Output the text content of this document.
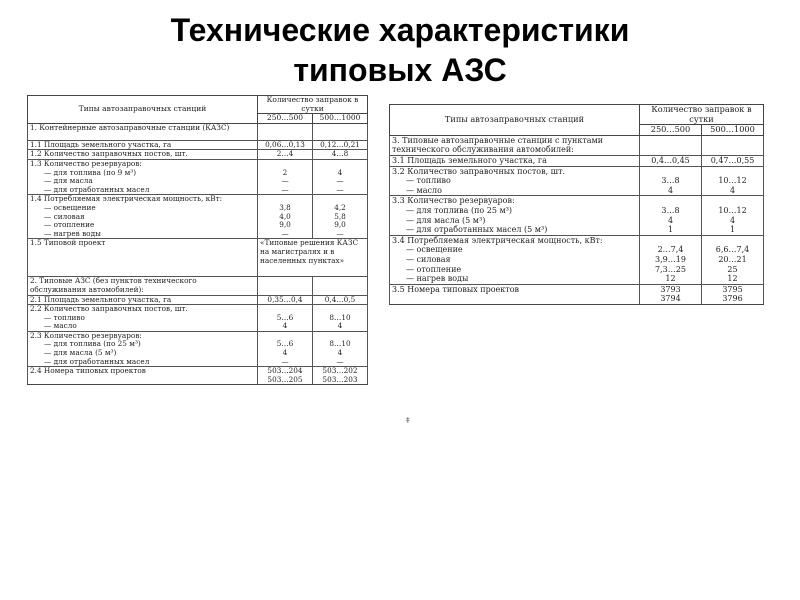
Технические характеристики
типовых АЗС
Типы автозаправочных станций	Количество заправок в сутки	
	250…500	500…1000
1. Контейнерные автозаправочные станции (КАЗС)		
1.1 Площадь земельного участка, га	0,06…0,13	0,12…0,21
1.2 Количество заправочных постов, шт.	2…4	4…8
1.3 Количество резервуаров:		
— для топлива (по 9 м³)	2	4
— для масла	—	—
— для отработанных масел	—	—
1.4 Потребляемая электрическая мощность, кВт:		
— освещение	3,8	4,2
— силовая	4,0	5,8
— отопление	9,0	9,0
— нагрев воды	—	—
1.5 Типовой проект	«Типовые решения КАЗС на магистралях и в населенных пунктах»	
2. Типовые АЗС (без пунктов технического обслуживания автомобилей):		
2.1 Площадь земельного участка, га	0,35…0,4	0,4…0,5
2.2 Количество заправочных постов, шт.		
— топливо	5…6	8…10
— масло	4	4
2.3 Количество резервуаров:		
— для топлива (по 25 м³)	5…6	8…10
— для масла (5 м³)	4	4
— для отработанных масел	—	—
2.4 Номера типовых проектов	503…204	503…202
	503…205	503…203
Типы автозаправочных станций	Количество заправок в сутки	
	250…500	500…1000
3. Типовые автозаправочные станции с пунктами технического обслуживания автомобилей:		
3.1 Площадь земельного участка, га	0,4…0,45	0,47…0,55
3.2 Количество заправочных постов, шт.		
— топливо	3…8	10…12
— масло	4	4
3.3 Количество резервуаров:		
— для топлива (по 25 м³)	3…8	10…12
— для масла (5 м³)	4	4
— для отработанных масел (5 м³)	1	1
3.4 Потребляемая электрическая мощность, кВт:		
— освещение	2…7,4	6,6…7,4
— силовая	3,9…19	20…21
— отопление	7,3…25	25
— нагрев воды	12	12
3.5 Номера типовых проектов	3793	3795
	3794	3796
ǂ
